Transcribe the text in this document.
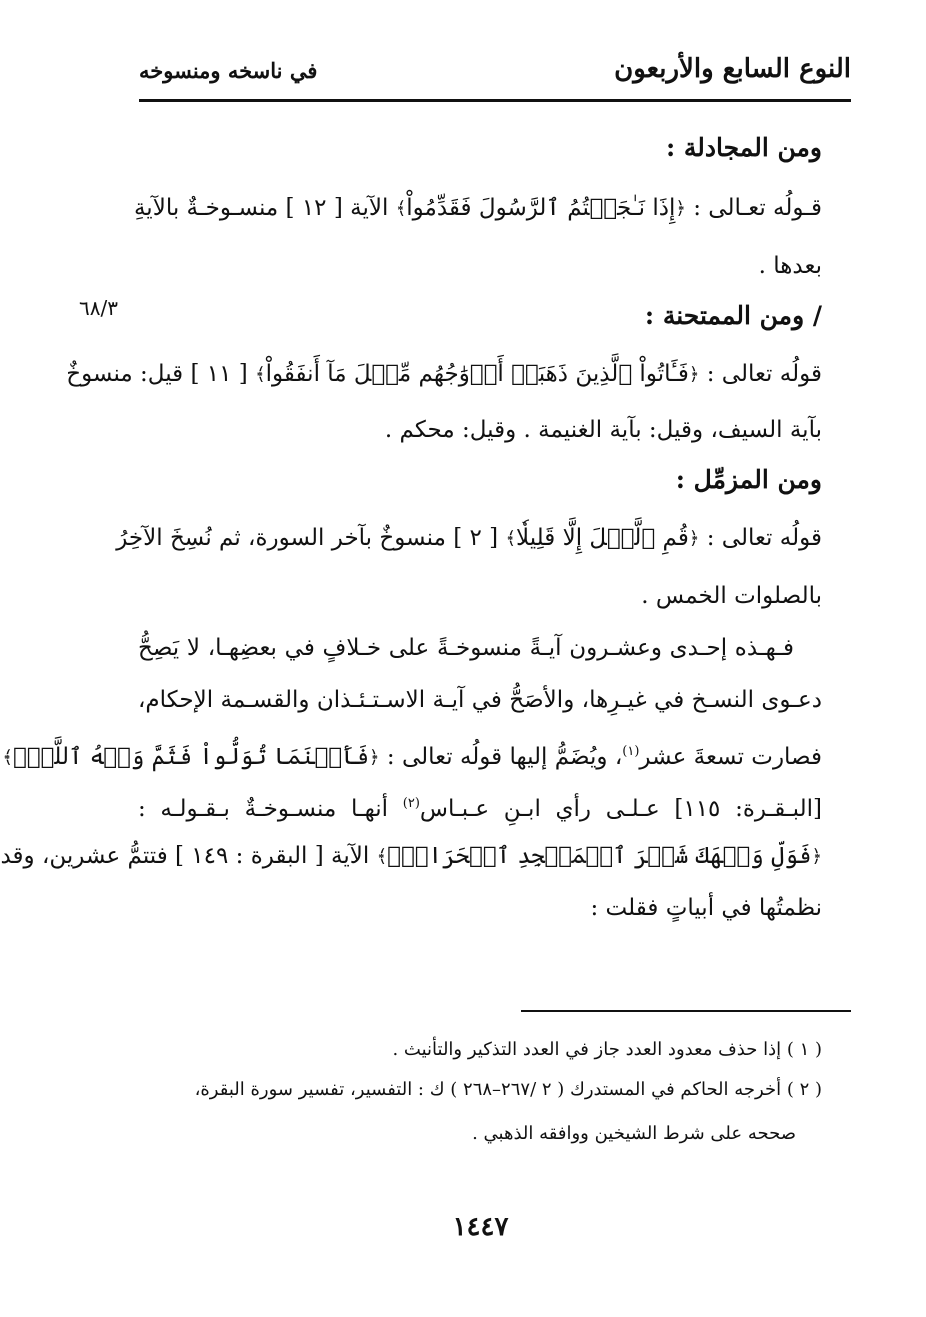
النوع السابع والأربعون
في ناسخه ومنسوخه
ومن المجادلة :
قـولُه تعـالى : ﴿إِذَا نَـٰجَيۡتُمُ ٱلرَّسُولَ فَقَدِّمُواْ﴾ الآية [ ١٢ ] منسـوخـةٌ بالآيةِ
بعدها .
٦٨/٣	/ ومن الممتحنة :
قولُه تعالى : ﴿فَـَٔاتُواْ ٱلَّذِينَ ذَهَبَتۡ أَزۡوَٰجُهُم مِّثۡلَ مَآ أَنفَقُواْ﴾ [ ١١ ] قيل: منسوخٌ
بآية السيف، وقيل: بآية الغنيمة . وقيل: محكم .
ومن المزمِّل :
قولُه تعالى : ﴿قُمِ ٱلَّيۡلَ إِلَّا قَلِيلٗا﴾ [ ٢ ] منسوخٌ بآخر السورة، ثم نُسِخَ الآخِرُ
بالصلوات الخمس .
فـهـذه إحـدى وعشـرون آيـةً منسوخـةً على خـلافٍ في بعضِهـا، لا يَصِحُّ
دعـوى النسـخ في غيـرِها، والأصَحُّ في آيـة الاسـتـئـذان والقسـمة الإحكام،
فصارت تسعةَ عشر$^{(١)}$، ويُضَمُّ إليها قولُه تعالى : ﴿فَأَيۡنَمَا تُوَلُّواْ فَثَمَّ وَجۡهُ ٱللَّهِۚ﴾
[البـقـرة: ١١٥] عـلـى رأي ابـنِ عـبـاس$^{(٢)}$ أنهـا منسـوخـةٌ بـقـولـه :
﴿فَوَلِّ وَجۡهَكَ شَطۡرَ ٱلۡمَسۡجِدِ ٱلۡحَرَامِۚ﴾ الآية [ البقرة : ١٤٩ ] فتتمُّ عشرين، وقد
نظمتُها في أبياتٍ فقلت :
( ١ ) إذا حذف معدود العدد جاز في العدد التذكير والتأنيث .
( ٢ ) أخرجه الحاكم في المستدرك ( ٢ /٢٦٧–٢٦٨ ) ك : التفسير، تفسير سورة البقرة،
صححه على شرط الشيخين ووافقه الذهبي .
١٤٤٧
